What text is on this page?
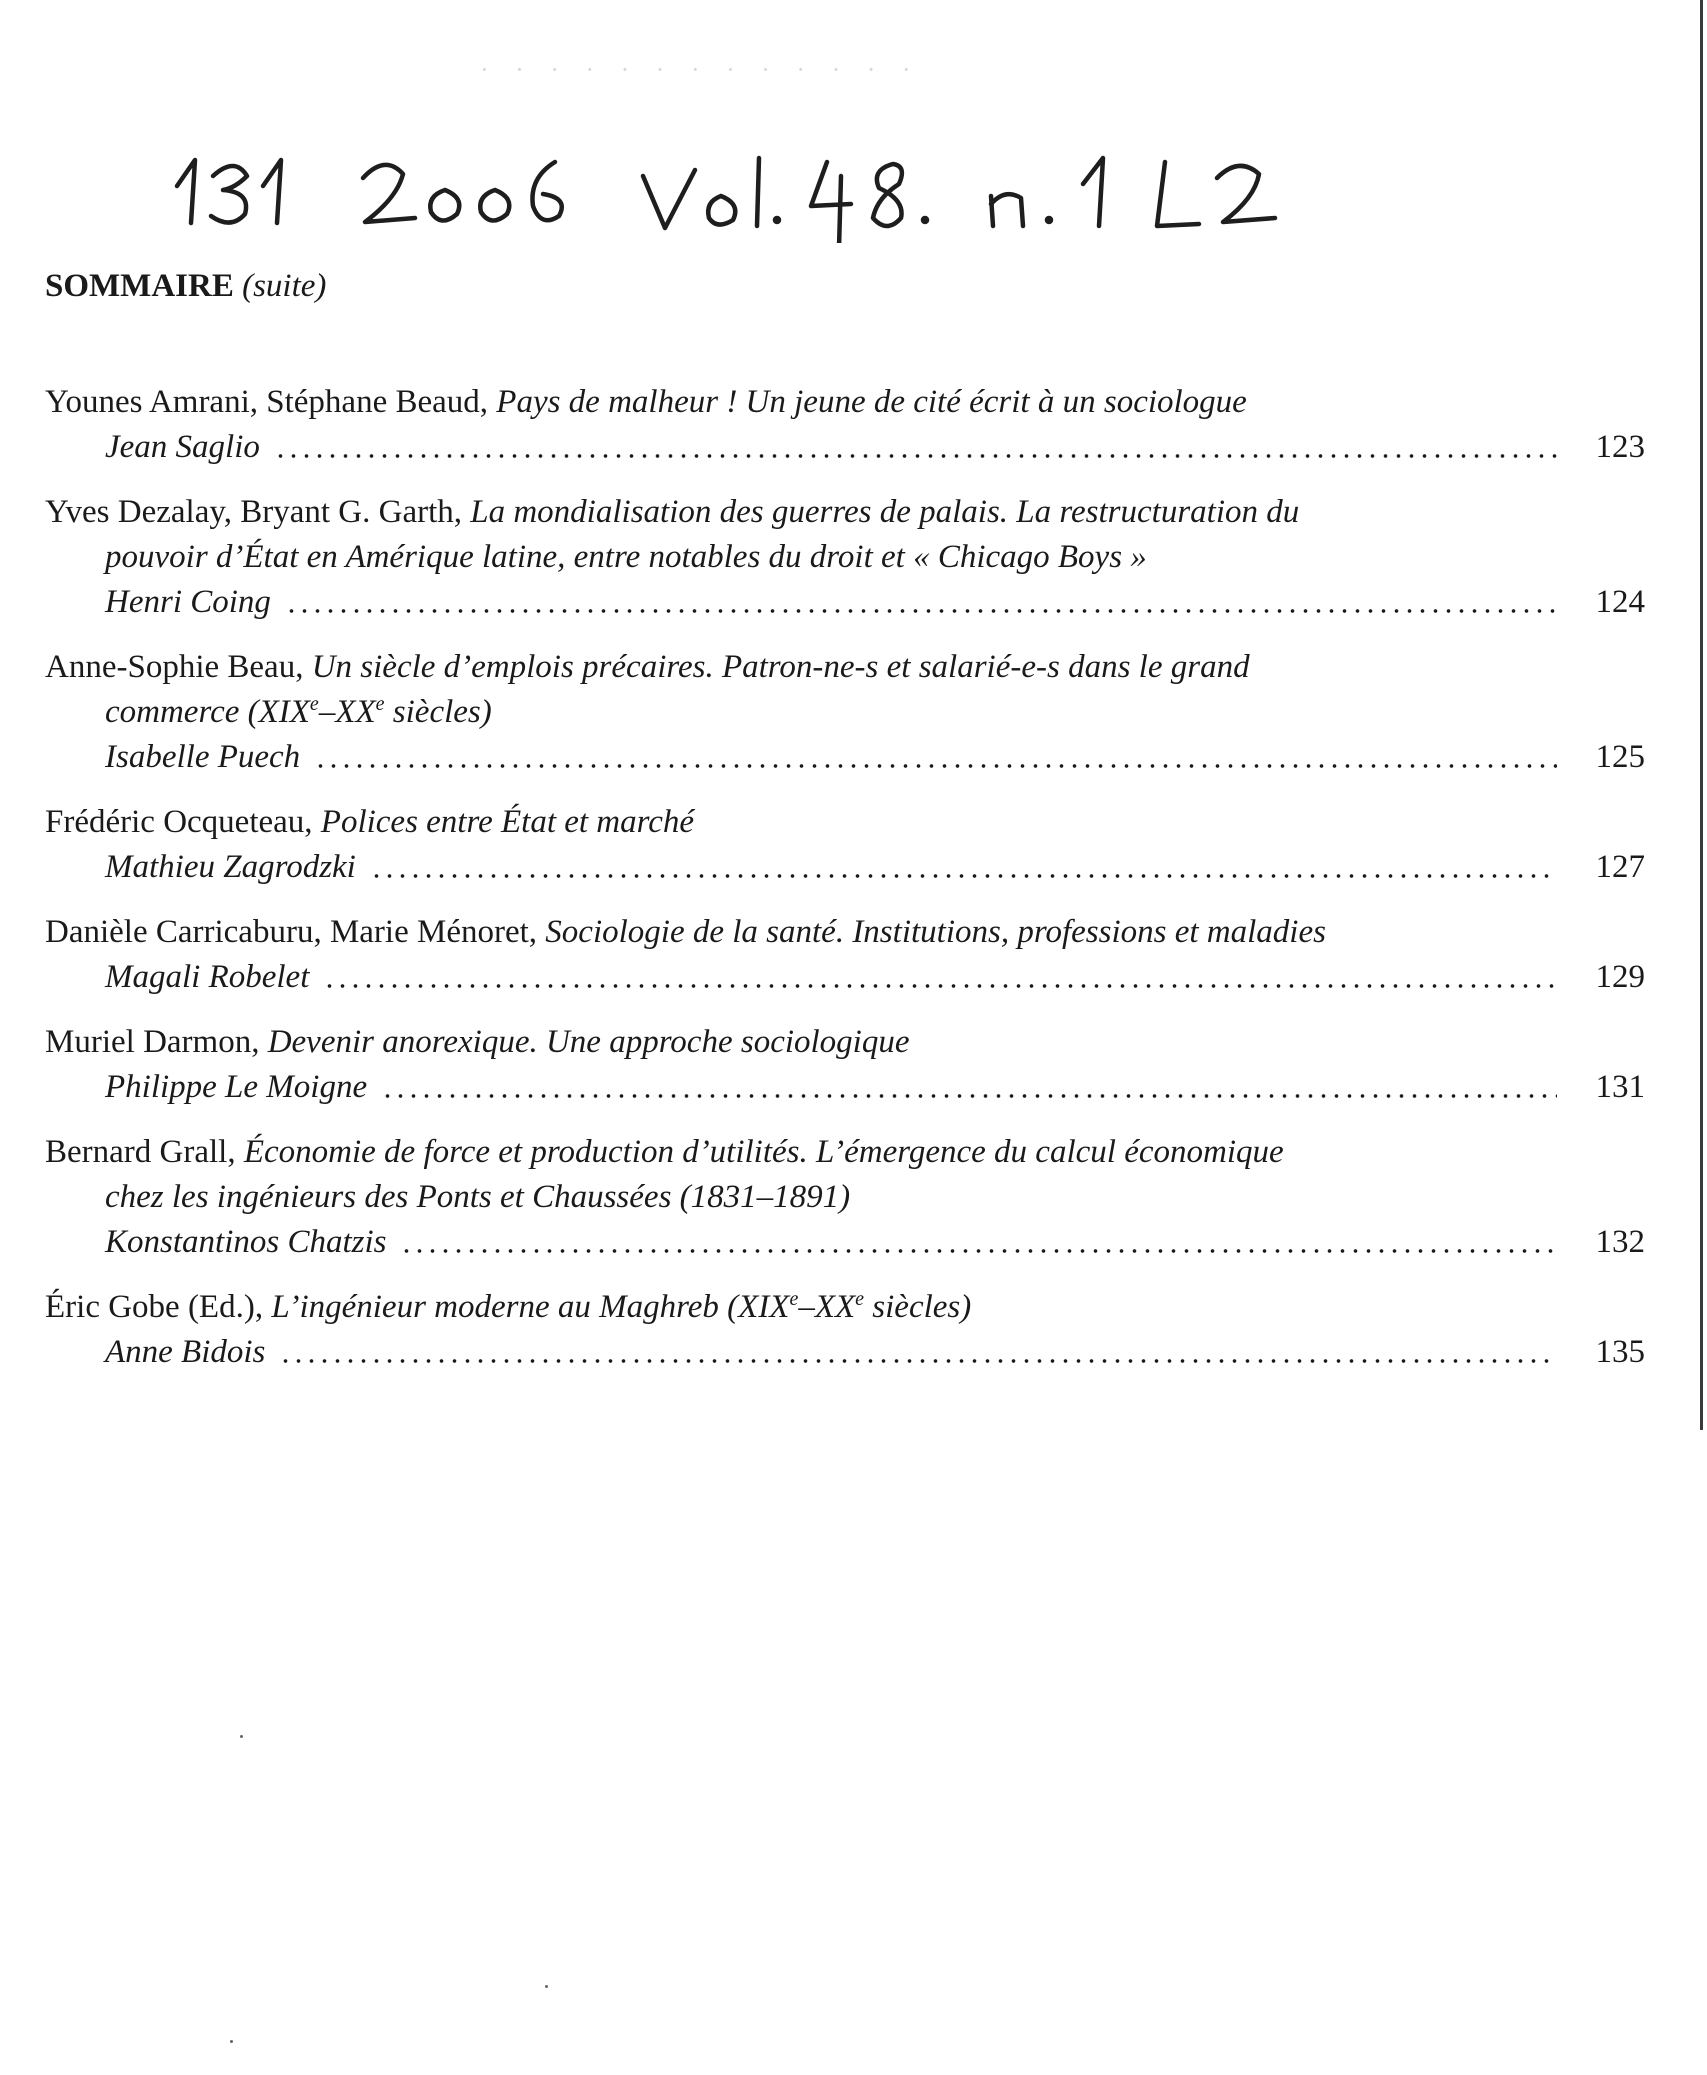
· · · · · · · · · · · · ·
SOMMAIRE (suite)
Younes Amrani, Stéphane Beaud, Pays de malheur ! Un jeune de cité écrit à un sociologue
Jean Saglio	123
Yves Dezalay, Bryant G. Garth, La mondialisation des guerres de palais. La restructuration du
pouvoir d’État en Amérique latine, entre notables du droit et « Chicago Boys »
Henri Coing	124
Anne-Sophie Beau, Un siècle d’emplois précaires. Patron-ne-s et salarié-e-s dans le grand
commerce (XIXe–XXe siècles)
Isabelle Puech	125
Frédéric Ocqueteau, Polices entre État et marché
Mathieu Zagrodzki	127
Danièle Carricaburu, Marie Ménoret, Sociologie de la santé. Institutions, professions et maladies
Magali Robelet	129
Muriel Darmon, Devenir anorexique. Une approche sociologique
Philippe Le Moigne	131
Bernard Grall, Économie de force et production d’utilités. L’émergence du calcul économique
chez les ingénieurs des Ponts et Chaussées (1831–1891)
Konstantinos Chatzis	132
Éric Gobe (Ed.), L’ingénieur moderne au Maghreb (XIXe–XXe siècles)
Anne Bidois	135
